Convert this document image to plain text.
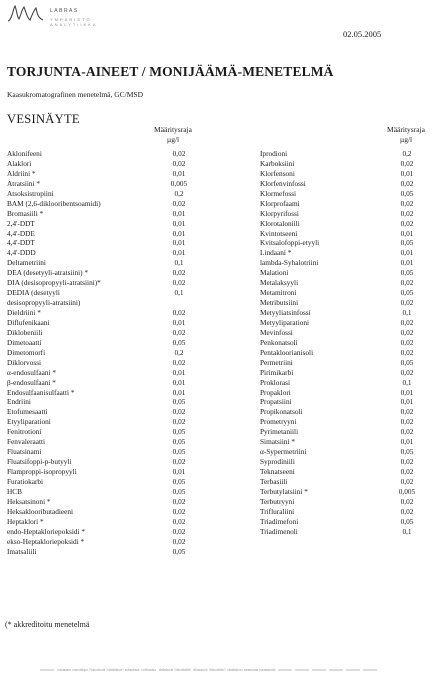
LABRAS
YMPÄRISTÖ ANALYTIIKKA
02.05.2005
TORJUNTA-AINEET / MONIJÄÄMÄ-MENETELMÄ
Kaasukromatografinen menetelmä, GC/MSD
VESINÄYTE
Määritysraja
µg/l
Määritysraja
µg/l
Aklonifeeni	0,02
Alaklori	0,02
Aldriini *	0,01
Atratsiini *	0,005
Atsoksistropiini	0,2
BAM (2,6-diklooribentsoamidi)	0,02
Bromasiili *	0,01
2,4'-DDT	0,01
4,4'-DDE	0,01
4,4'-DDT	0,01
4,4'-DDD	0,01
Deltametriini	0,1
DEA (desetyyli-atratsiini) *	0,02
DIA (desisopropyyli-atratsiini)*	0,02
DEDIA (desetyyli	0,1
desisopropyyli-atratsiini)
Dieldriini *	0,02
Diflufenikaani	0,01
Diklobeniili	0,02
Dimetoaatti	0,05
Dimetomorfi	0,2
Diklorvossi	0,02
α-endosulfaani *	0,01
β-endosulfaani *	0,01
Endosulfaanisulfaatti *	0,01
Endriini	0,05
Etofumesaatti	0,02
Etyyliparationi	0,02
Fenitrotioni	0,05
Fenvaleraatti	0,05
Fluatsinami	0,05
Fluatsifoppi-p-butyyli	0,02
Flamproppi-isopropyyli	0,01
Furatiokarbi	0,05
HCB	0,05
Heksatsinoni *	0,02
Heksaklooributadieeni	0,02
Heptaklori *	0,02
endo-Heptakloriepoksidi *	0,02
ekso-Heptakloriepoksidi *	0,02
Imatsaliili	0,05
Iprodioni	0,2
Karboksiini	0,02
Klorfensoni	0,01
Klorfenvinfossi	0,02
Klormefossi	0,05
Klorprofaami	0,02
Klorpyrifossi	0,02
Klorotaloniili	0,02
Kvintotseeni	0,01
Kvitsalofoppi-etyyli	0,05
Lindaani *	0,01
lambda-Syhalotriini	0,01
Malationi	0,05
Metalaksyyli	0,02
Metamitroni	0,05
Metributsiini	0,02
Metyyliatsinfossi	0,1
Metyyliparationi	0,02
Mevinfossi	0,02
Penkonatsoli	0,02
Pentakloorianisoli	0,02
Permetriini	0,05
Pirimikarbi	0,02
Proklorasi	0,1
Propaklori	0,01
Propatsiini	0,01
Propikonatsoli	0,02
Prometryyni	0,02
Pyrimetaniili	0,02
Simatsiini *	0,01
α-Sypermetriini	0,05
Syprodiniili	0,02
Teknatseeni	0,02
Terbasiili	0,02
Terbutylatsiini *	0,005
Terbutryyni	0,02
Trifluraliini	0,02
Triadimefoni	0,05
Triadimenoli	0,1
(* akkreditoitu menetelmä
Labras Oy PL 1 00000 Helsinki Puh. 000 000 000 Fax 000 000 000 www.labras.fi
